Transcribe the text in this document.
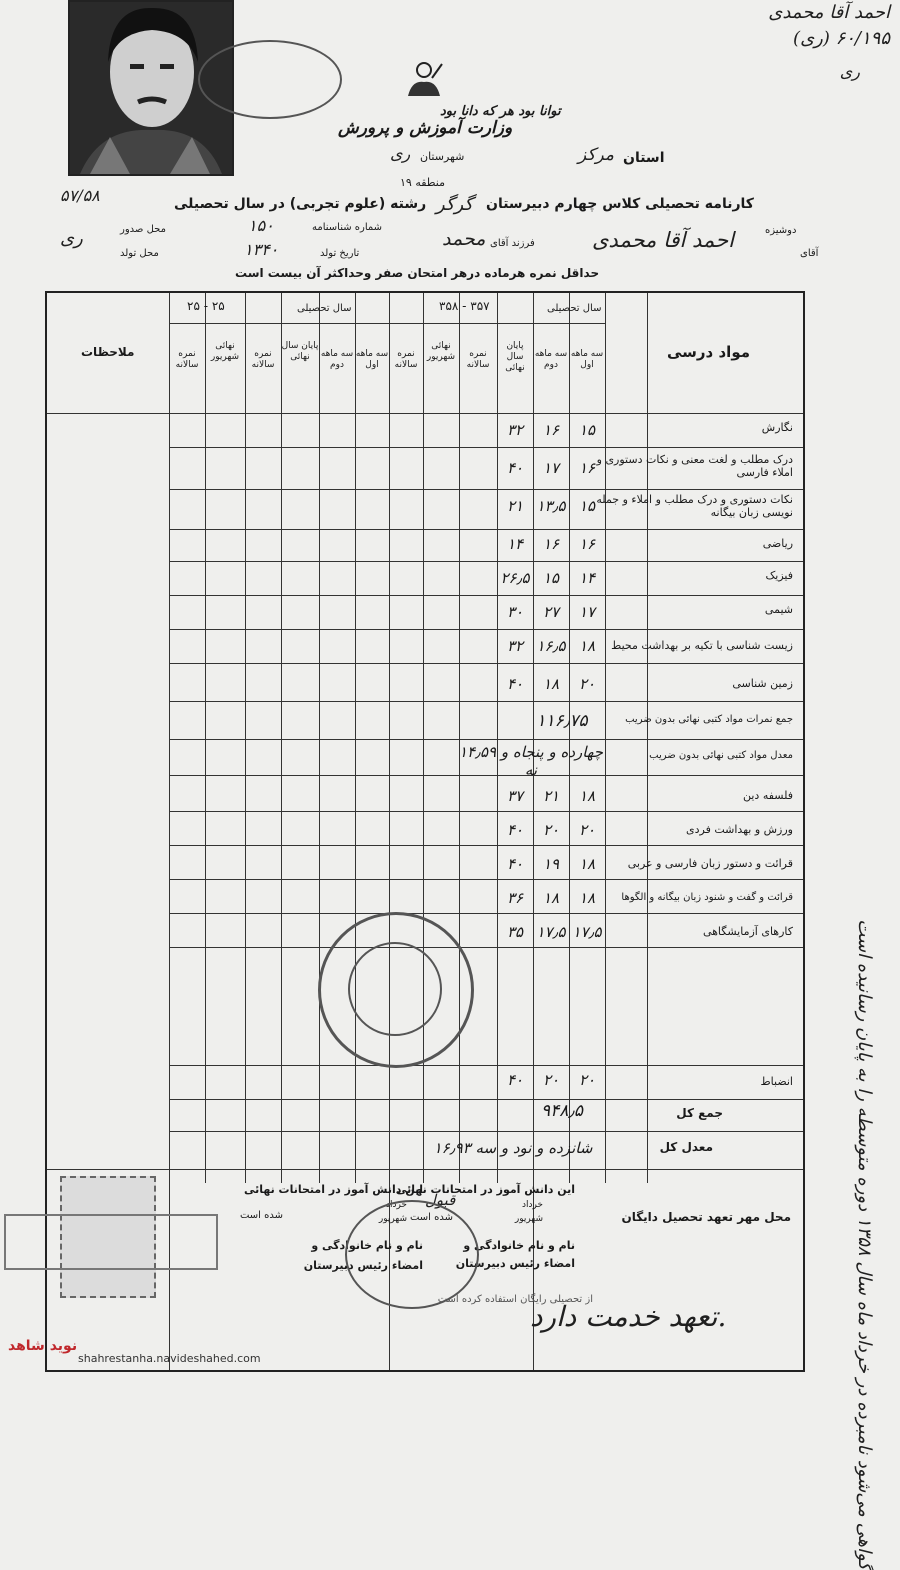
احمد آقا محمدی
(ری) ۶۰/۱۹۵
ری
توانا بود هر که دانا بود
وزارت آموزش و پرورش
شهرستان
ری	استان
مرکز
منطقه ۱۹
کارنامه تحصیلی کلاس چهارم دبیرستان
گرگر
رشته (علوم تجربی) در سال تحصیلی
۵۷/۵۸
دوشیزه
آقای
احمد آقا محمدی
فرزند آقای
محمد
شماره شناسنامه
۱۵۰
تاریخ تولد
۱۳۴۰
محل صدور
ری
محل تولد
حداقل نمره هرماده درهر امتحان صفر وحداکثر آن بیست است
ملاحظات	مواد درسی
سال تحصیلی
۳۵۸ - ۳۵۷
سال تحصیلی
۲۵ - ۲۵
سه ماهه اول
سه ماهه دوم
پایان سال نهائی
نمره سالانه
نهائی شهریور
نمره سالانه
سه ماهه اول
سه ماهه دوم
پایان سال نهائی
نمره سالانه
نهائی شهریور
نمره سالانه
نگارش
۱۵
۱۶
۳۲
درک مطلب و لغت معنی و نکات دستوری و املاء فارسی
۱۶
۱۷
۴۰
نکات دستوری و درک مطلب و املاء و جمله نویسی زبان بیگانه
۱۵
۱۳٫۵
۲۱
ریاضی
۱۶
۱۶
۱۴
فیزیک
۱۴
۱۵
۲۶٫۵
شیمی
۱۷
۲۷
۳۰
زیست شناسی با تکیه بر بهداشت محیط
۱۸
۱۶٫۵
۳۲
زمین شناسی
۲۰
۱۸
۴۰
جمع نمرات مواد کتبی نهائی بدون ضریب
۱۱۶٫۷۵
معدل مواد کتبی نهائی بدون ضریب
۱۴٫۵۹ چهارده و پنجاه و نه
فلسفه دین
۱۸
۲۱
۳۷
ورزش و بهداشت فردی
۲۰
۲۰
۴۰
قرائت و دستور زبان فارسی و عربی
۱۸
۱۹
۴۰
قرائت و گفت و شنود زبان بیگانه و الگوها
۱۸
۱۸
۳۶
کارهای آزمایشگاهی
۱۷٫۵
۱۷٫۵
۳۵
انضباط
۲۰
۲۰
۴۰
جمع کل
۹۴۸٫۵
معدل کل
۱۶٫۹۳ شانزده و نود و سه
محل مهر تعهد تحصیل دایگان
این دانش آموز در امتحانات نهائی
خرداد
شهریور
قبول
شده است
نام و نام خانوادگی و
امضاء رئیس دبیرستان
این دانش آموز در امتحانات نهائی
خرداد
شهریور
شده است
نام و نام خانوادگی و
امضاء رئیس دبیرستان
از تحصیلی رایگان استفاده کرده است
گواهی می‌شود نامبرده در خرداد ماه سال ۱۳۵۸ دوره متوسطه را به پایان رسانیده است
تعهد خدمت دارد.
نوید شاهد
shahrestanha.navideshahed.com
